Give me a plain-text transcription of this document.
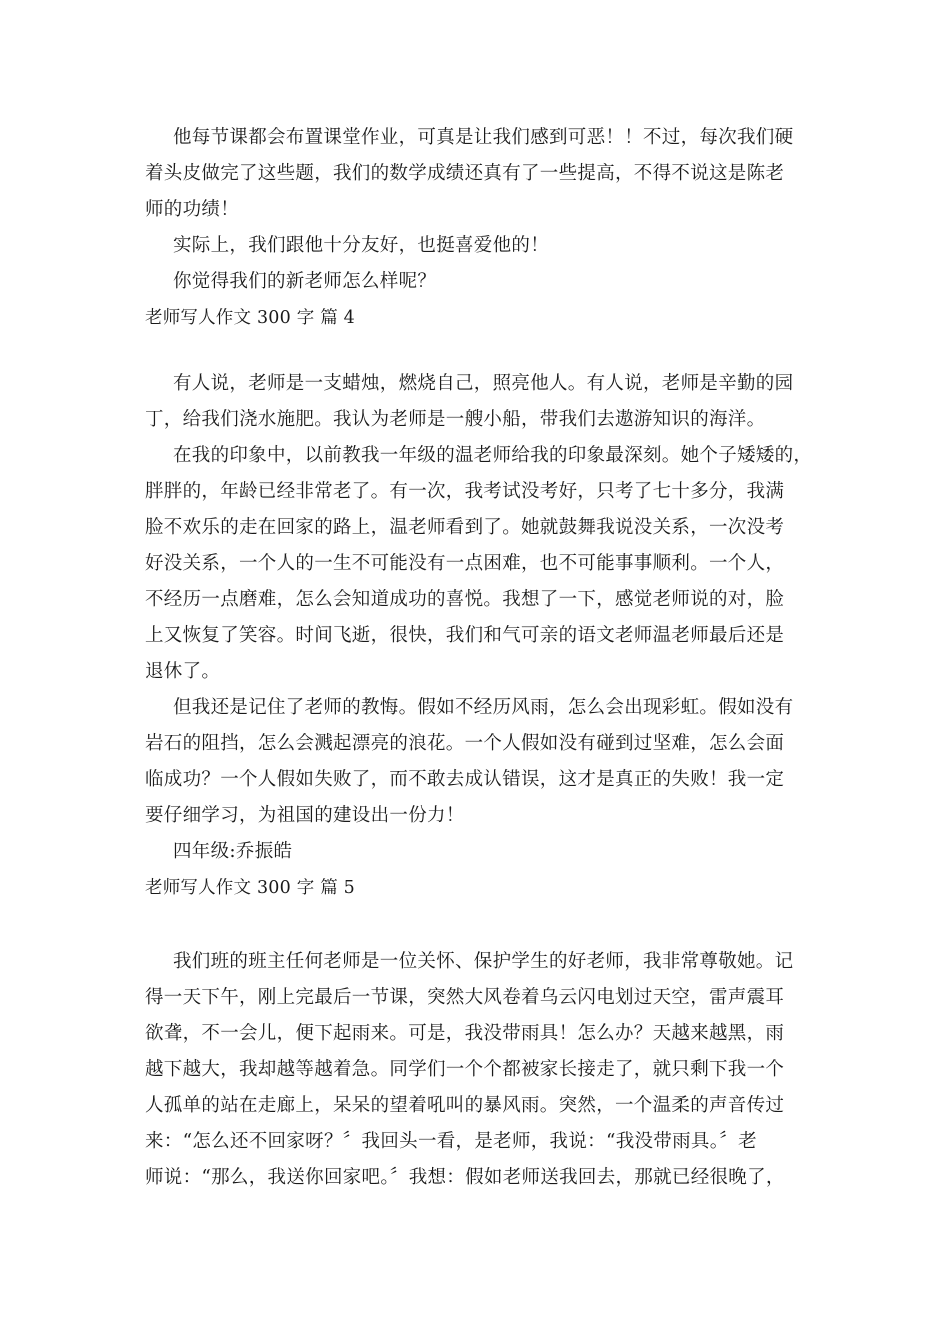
他每节课都会布置课堂作业，可真是让我们感到可恶！！不过，每次我们硬
着头皮做完了这些题，我们的数学成绩还真有了一些提高，不得不说这是陈老
师的功绩！
实际上，我们跟他十分友好，也挺喜爱他的！
你觉得我们的新老师怎么样呢？
老师写人作文 300 字 篇 4
有人说，老师是一支蜡烛，燃烧自己，照亮他人。有人说，老师是辛勤的园
丁，给我们浇水施肥。我认为老师是一艘小船，带我们去遨游知识的海洋。
在我的印象中，以前教我一年级的温老师给我的印象最深刻。她个子矮矮的，
胖胖的，年龄已经非常老了。有一次，我考试没考好，只考了七十多分，我满
脸不欢乐的走在回家的路上，温老师看到了。她就鼓舞我说没关系，一次没考
好没关系，一个人的一生不可能没有一点困难，也不可能事事顺利。一个人，
不经历一点磨难，怎么会知道成功的喜悦。我想了一下，感觉老师说的对，脸
上又恢复了笑容。时间飞逝，很快，我们和气可亲的语文老师温老师最后还是
退休了。
但我还是记住了老师的教悔。假如不经历风雨，怎么会出现彩虹。假如没有
岩石的阻挡，怎么会溅起漂亮的浪花。一个人假如没有碰到过坚难，怎么会面
临成功？一个人假如失败了，而不敢去成认错误，这才是真正的失败！我一定
要仔细学习，为祖国的建设出一份力！
四年级:乔振皓
老师写人作文 300 字 篇 5
我们班的班主任何老师是一位关怀、保护学生的好老师，我非常尊敬她。记
得一天下午，刚上完最后一节课，突然大风卷着乌云闪电划过天空，雷声震耳
欲聋，不一会儿，便下起雨来。可是，我没带雨具！怎么办？天越来越黑，雨
越下越大，我却越等越着急。同学们一个个都被家长接走了，就只剩下我一个
人孤单的站在走廊上，呆呆的望着吼叫的暴风雨。突然，一个温柔的声音传过
来：“怎么还不回家呀？〞我回头一看，是老师，我说：“我没带雨具。〞老
师说：“那么，我送你回家吧。〞我想：假如老师送我回去，那就已经很晚了，
